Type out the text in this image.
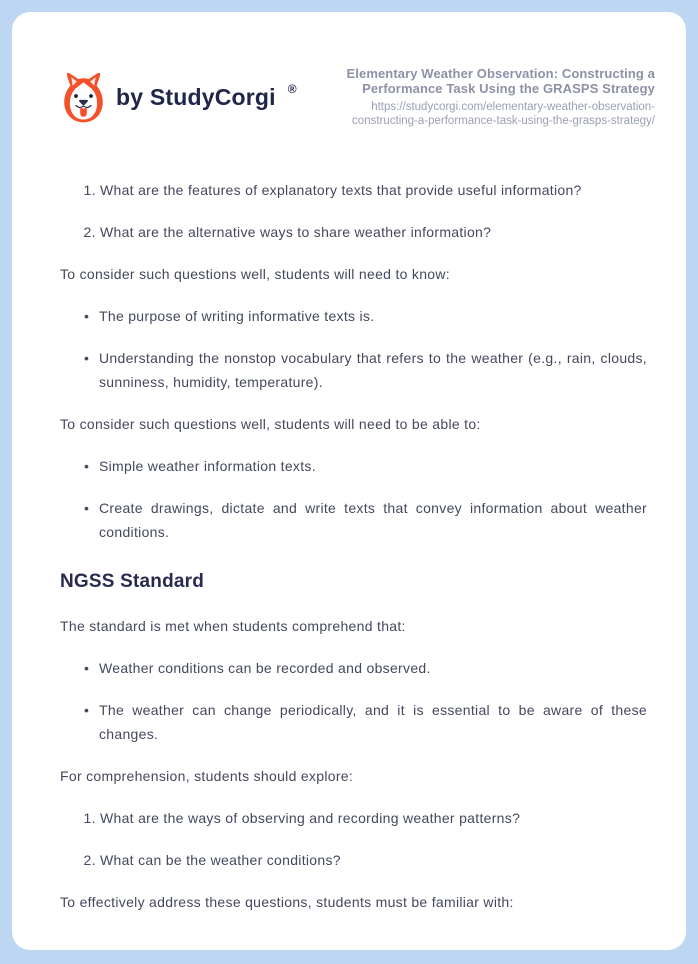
by StudyCorgi ®
Elementary Weather Observation: Constructing a Performance Task Using the GRASPS Strategy
https://studycorgi.com/elementary-weather-observation-constructing-a-performance-task-using-the-grasps-strategy/
1. What are the features of explanatory texts that provide useful information?
2. What are the alternative ways to share weather information?

To consider such questions well, students will need to know:

• The purpose of writing informative texts is.
• Understanding the nonstop vocabulary that refers to the weather (e.g., rain, clouds, sunniness, humidity, temperature).

To consider such questions well, students will need to be able to:

• Simple weather information texts.
• Create drawings, dictate and write texts that convey information about weather conditions.
NGSS Standard

The standard is met when students comprehend that:

• Weather conditions can be recorded and observed.
• The weather can change periodically, and it is essential to be aware of these changes.

For comprehension, students should explore:

1. What are the ways of observing and recording weather patterns?
2. What can be the weather conditions?

To effectively address these questions, students must be familiar with:
